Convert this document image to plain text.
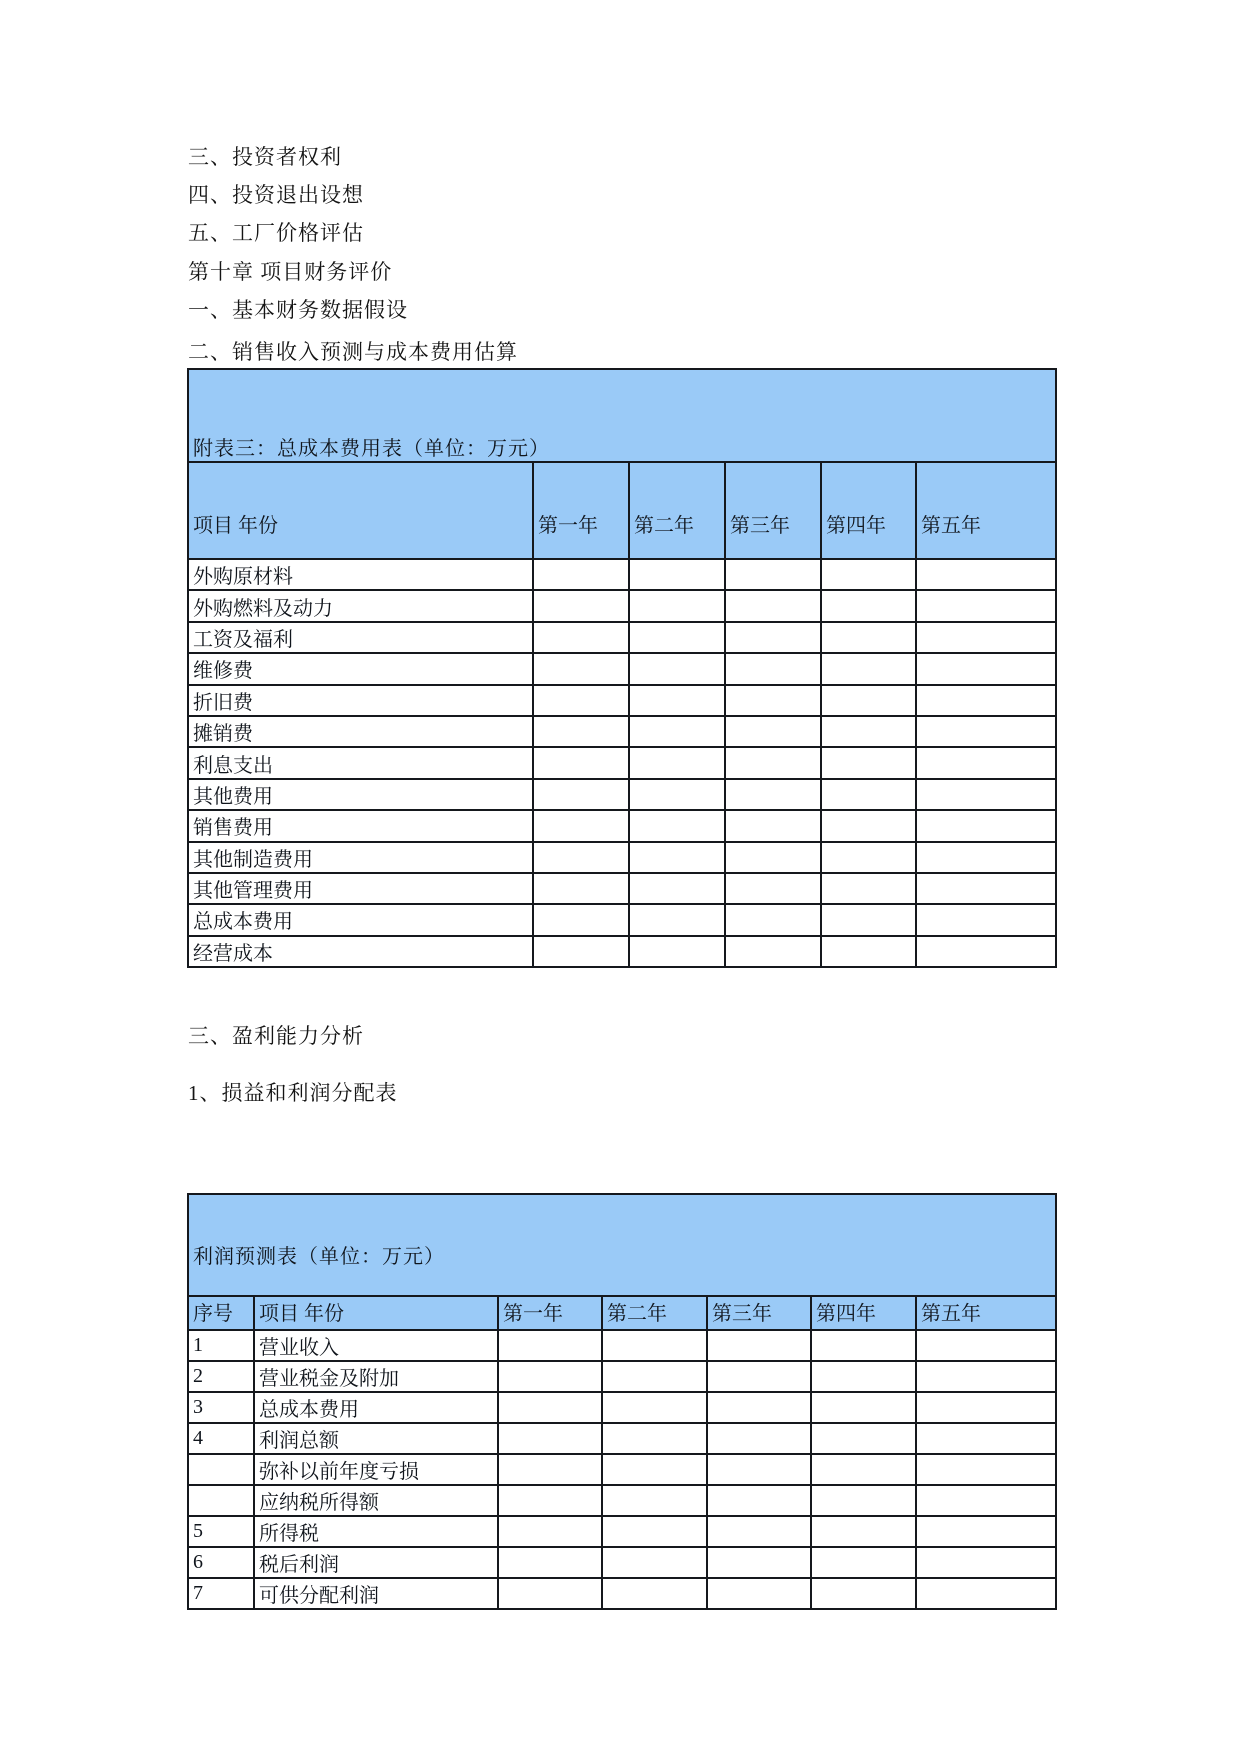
三、投资者权利
四、投资退出设想
五、工厂价格评估
第十章 项目财务评价
一、基本财务数据假设
二、销售收入预测与成本费用估算
附表三：总成本费用表（单位：万元）					
项目 年份	第一年	第二年	第三年	第四年	第五年
外购原材料					
外购燃料及动力					
工资及福利					
维修费					
折旧费					
摊销费					
利息支出					
其他费用					
销售费用					
其他制造费用					
其他管理费用					
总成本费用					
经营成本					
三、盈利能力分析
1、损益和利润分配表
利润预测表（单位：万元）						
序号	项目 年份	第一年	第二年	第三年	第四年	第五年
1	营业收入					
2	营业税金及附加					
3	总成本费用					
4	利润总额					
	弥补以前年度亏损					
	应纳税所得额					
5	所得税					
6	税后利润					
7	可供分配利润					
